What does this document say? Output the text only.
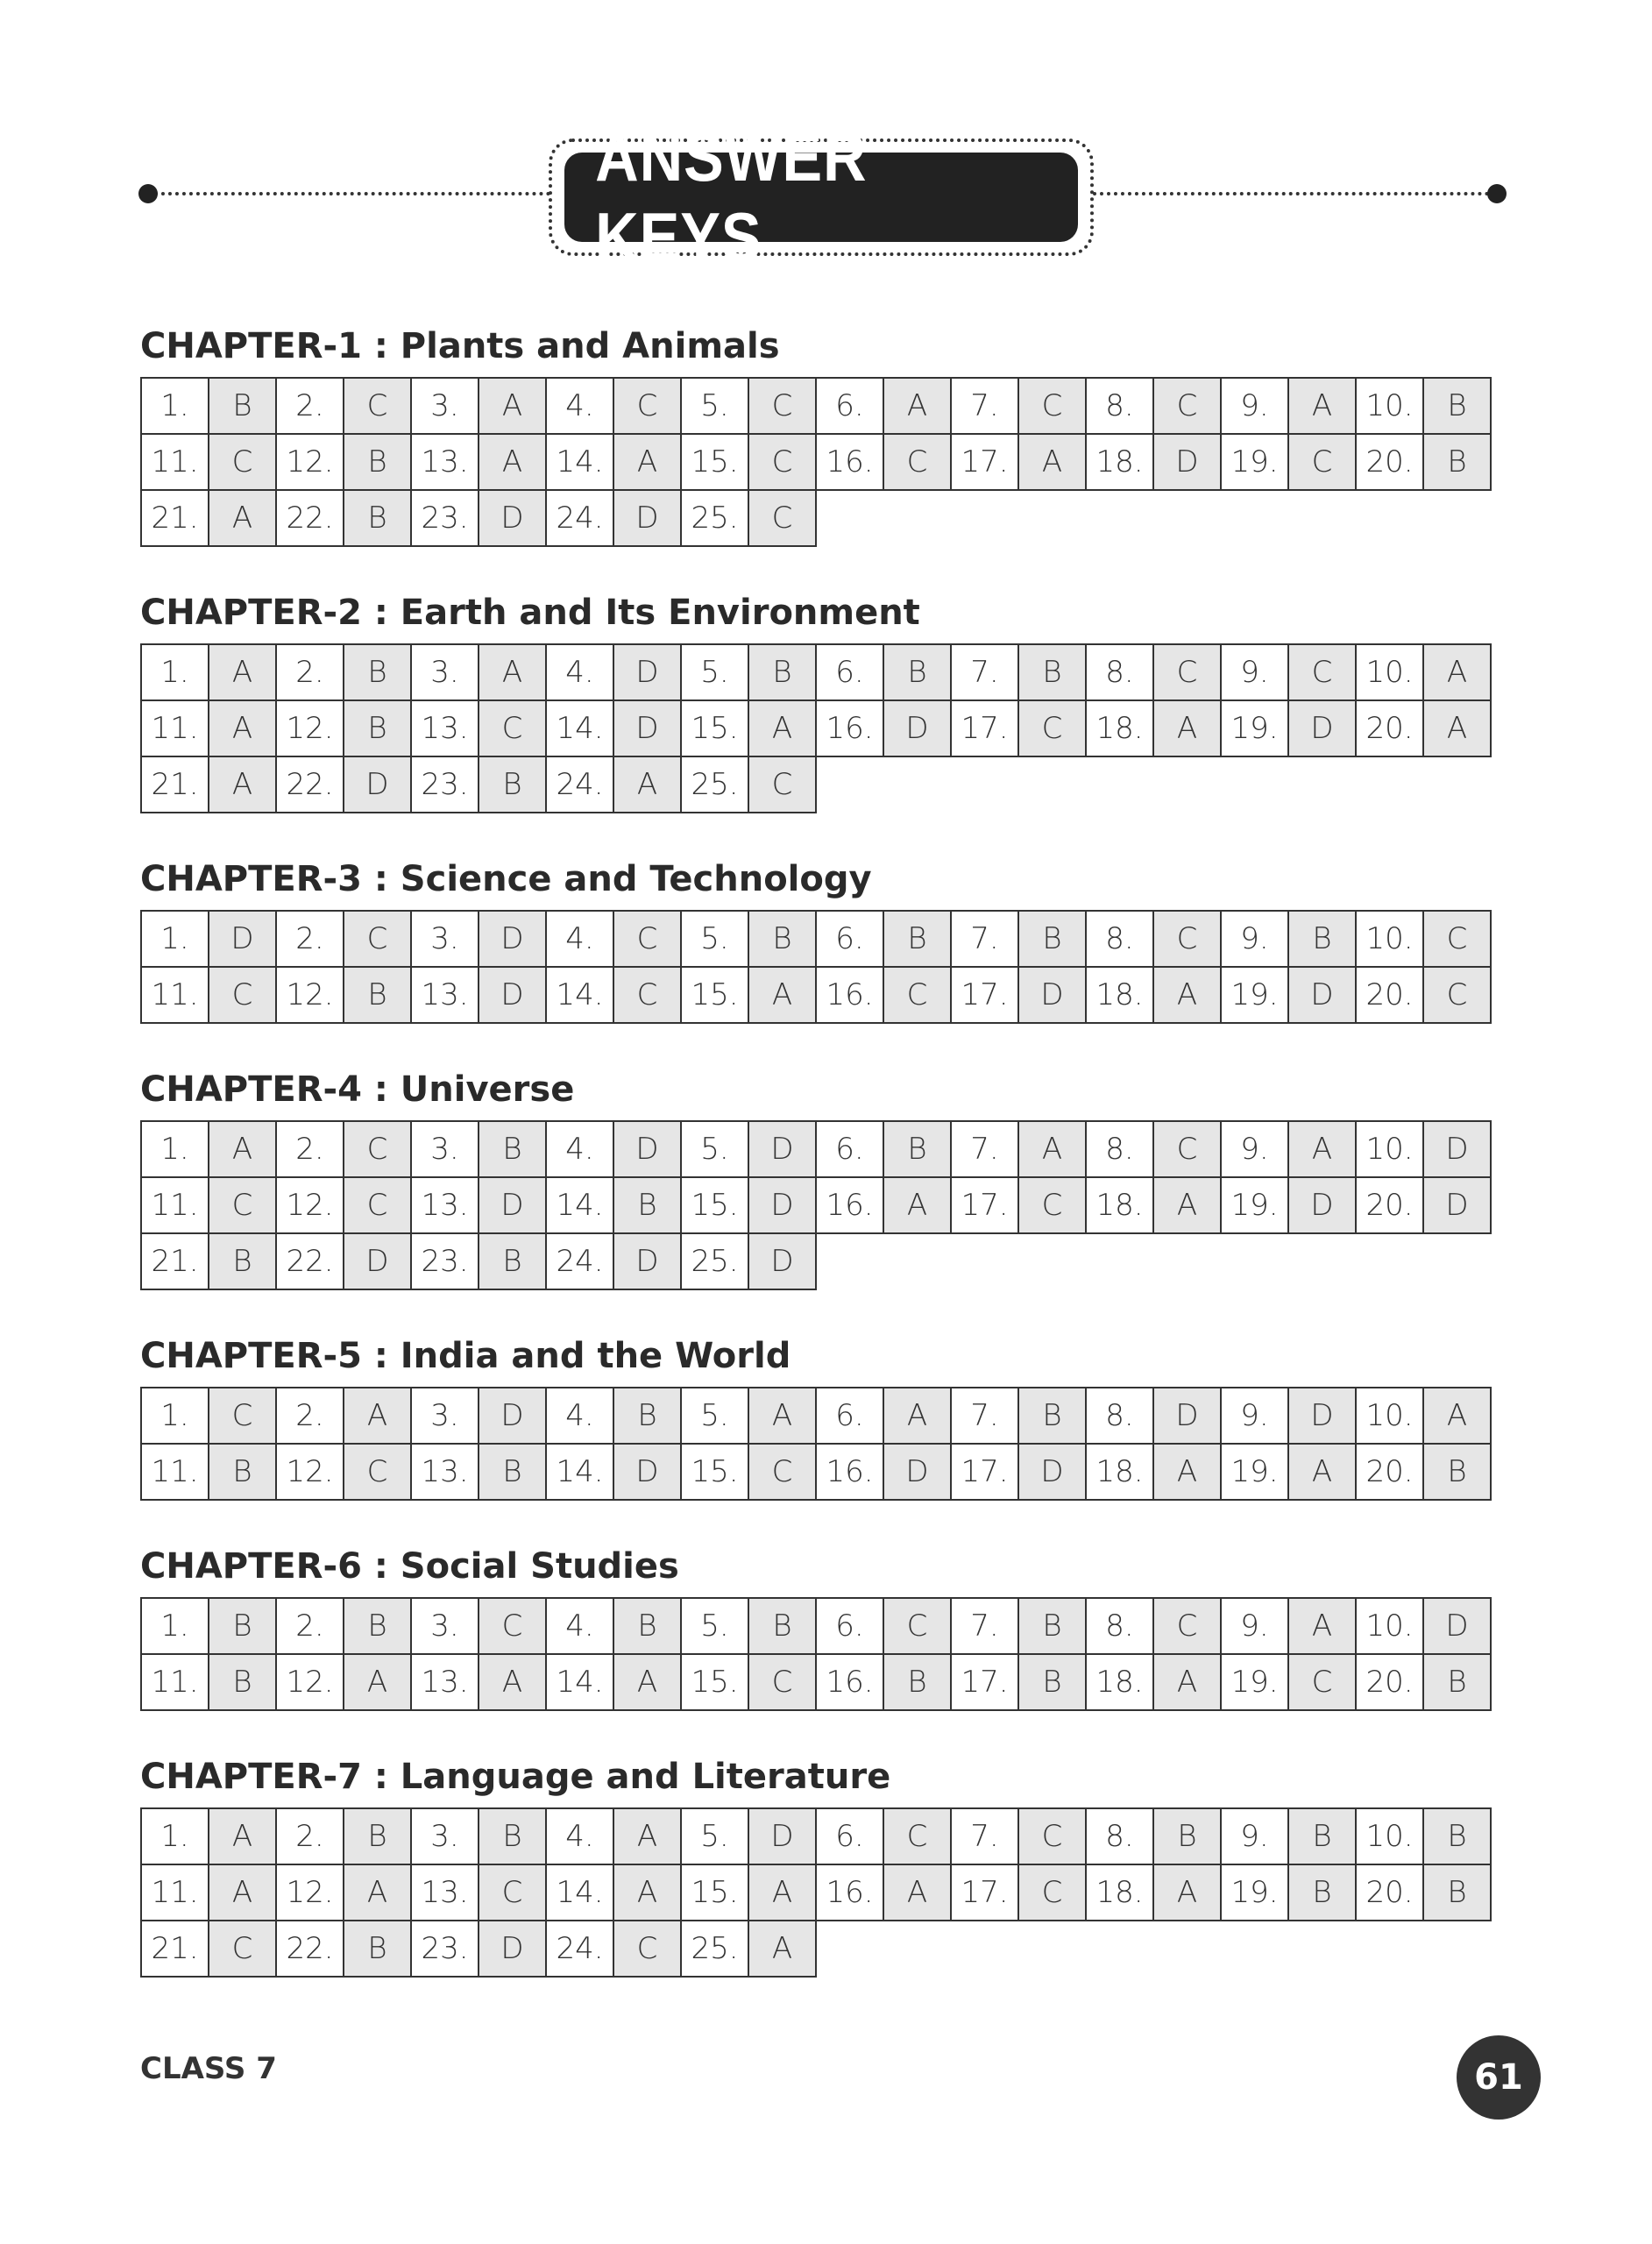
ANSWER KEYS
CHAPTER-1 : Plants and Animals
1.	B	2.	C	3.	A	4.	C	5.	C	6.	A	7.	C	8.	C	9.	A	10.	B
11.	C	12.	B	13.	A	14.	A	15.	C	16.	C	17.	A	18.	D	19.	C	20.	B
21.	A	22.	B	23.	D	24.	D	25.	C										
CHAPTER-2 : Earth and Its Environment
1.	A	2.	B	3.	A	4.	D	5.	B	6.	B	7.	B	8.	C	9.	C	10.	A
11.	A	12.	B	13.	C	14.	D	15.	A	16.	D	17.	C	18.	A	19.	D	20.	A
21.	A	22.	D	23.	B	24.	A	25.	C										
CHAPTER-3 : Science and Technology
1.	D	2.	C	3.	D	4.	C	5.	B	6.	B	7.	B	8.	C	9.	B	10.	C
11.	C	12.	B	13.	D	14.	C	15.	A	16.	C	17.	D	18.	A	19.	D	20.	C
CHAPTER-4 : Universe
1.	A	2.	C	3.	B	4.	D	5.	D	6.	B	7.	A	8.	C	9.	A	10.	D
11.	C	12.	C	13.	D	14.	B	15.	D	16.	A	17.	C	18.	A	19.	D	20.	D
21.	B	22.	D	23.	B	24.	D	25.	D										
CHAPTER-5 : India and the World
1.	C	2.	A	3.	D	4.	B	5.	A	6.	A	7.	B	8.	D	9.	D	10.	A
11.	B	12.	C	13.	B	14.	D	15.	C	16.	D	17.	D	18.	A	19.	A	20.	B
CHAPTER-6 : Social Studies
1.	B	2.	B	3.	C	4.	B	5.	B	6.	C	7.	B	8.	C	9.	A	10.	D
11.	B	12.	A	13.	A	14.	A	15.	C	16.	B	17.	B	18.	A	19.	C	20.	B
CHAPTER-7 : Language and Literature
1.	A	2.	B	3.	B	4.	A	5.	D	6.	C	7.	C	8.	B	9.	B	10.	B
11.	A	12.	A	13.	C	14.	A	15.	A	16.	A	17.	C	18.	A	19.	B	20.	B
21.	C	22.	B	23.	D	24.	C	25.	A										
CLASS 7	61
